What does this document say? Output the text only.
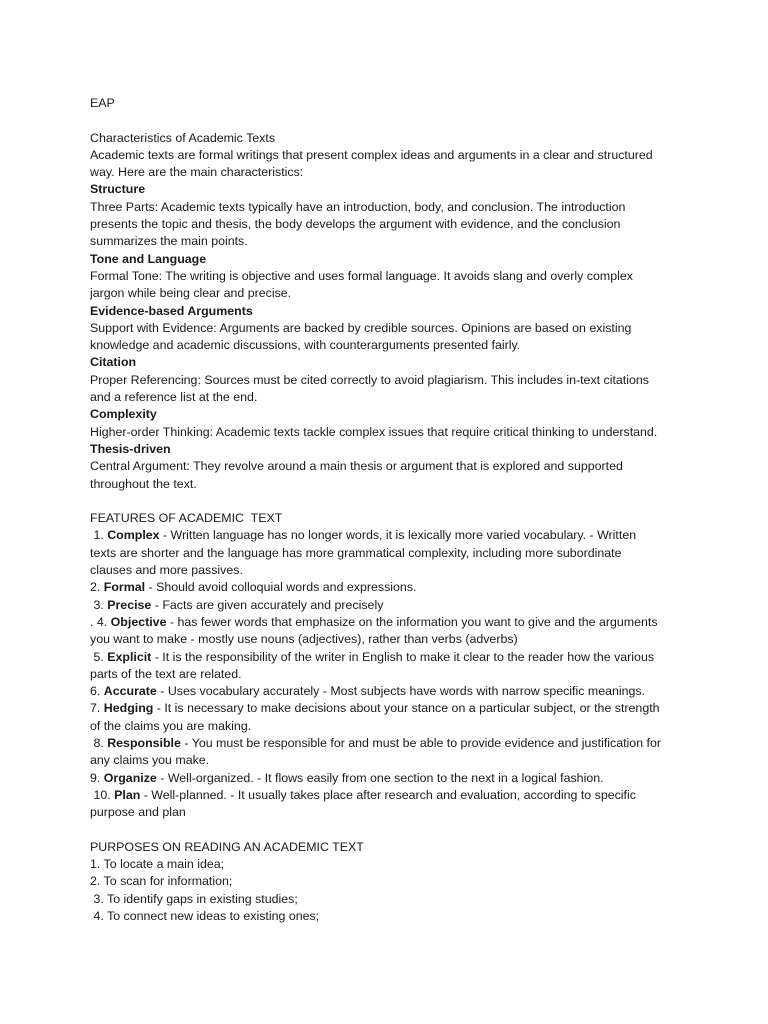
EAP
Characteristics of Academic Texts
Academic texts are formal writings that present complex ideas and arguments in a clear and structured
way. Here are the main characteristics:
Structure
Three Parts: Academic texts typically have an introduction, body, and conclusion. The introduction
presents the topic and thesis, the body develops the argument with evidence, and the conclusion
summarizes the main points.
Tone and Language
Formal Tone: The writing is objective and uses formal language. It avoids slang and overly complex
jargon while being clear and precise.
Evidence-based Arguments
Support with Evidence: Arguments are backed by credible sources. Opinions are based on existing
knowledge and academic discussions, with counterarguments presented fairly.
Citation
Proper Referencing: Sources must be cited correctly to avoid plagiarism. This includes in-text citations
and a reference list at the end.
Complexity
Higher-order Thinking: Academic texts tackle complex issues that require critical thinking to understand.
Thesis-driven
Central Argument: They revolve around a main thesis or argument that is explored and supported
throughout the text.
FEATURES OF ACADEMIC  TEXT
1. Complex - Written language has no longer words, it is lexically more varied vocabulary. - Written
texts are shorter and the language has more grammatical complexity, including more subordinate
clauses and more passives.
2. Formal - Should avoid colloquial words and expressions.
3. Precise - Facts are given accurately and precisely
. 4. Objective - has fewer words that emphasize on the information you want to give and the arguments
you want to make - mostly use nouns (adjectives), rather than verbs (adverbs)
5. Explicit - It is the responsibility of the writer in English to make it clear to the reader how the various
parts of the text are related.
6. Accurate - Uses vocabulary accurately - Most subjects have words with narrow specific meanings.
7. Hedging - It is necessary to make decisions about your stance on a particular subject, or the strength
of the claims you are making.
8. Responsible - You must be responsible for and must be able to provide evidence and justification for
any claims you make.
9. Organize - Well-organized. - It flows easily from one section to the next in a logical fashion.
10. Plan - Well-planned. - It usually takes place after research and evaluation, according to specific
purpose and plan
PURPOSES ON READING AN ACADEMIC TEXT
1. To locate a main idea;
2. To scan for information;
3. To identify gaps in existing studies;
4. To connect new ideas to existing ones;
